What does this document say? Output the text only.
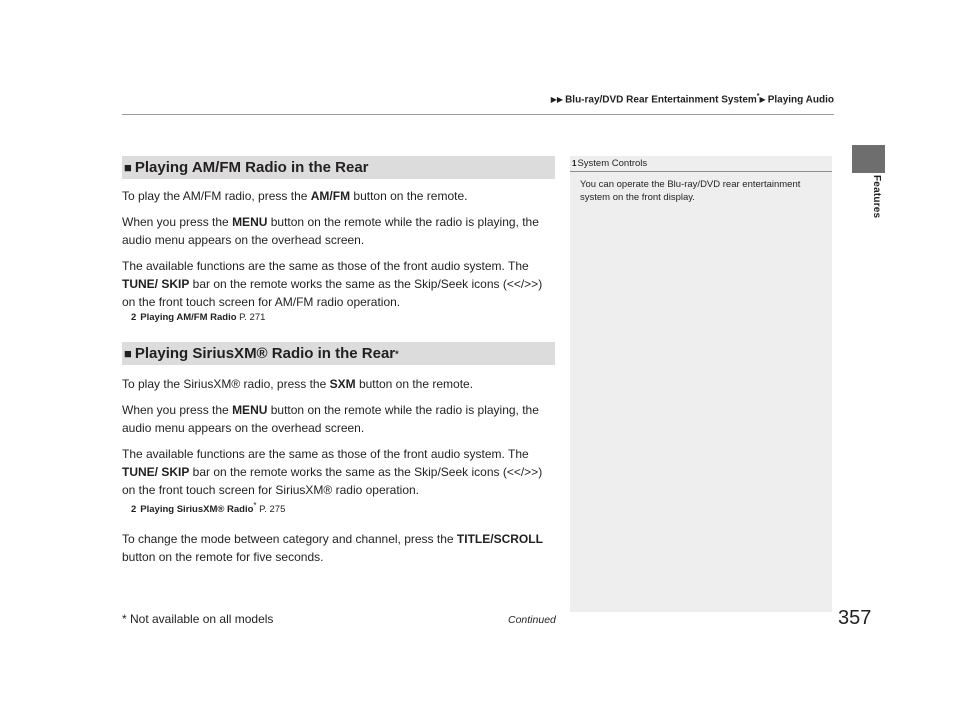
▶▶ Blu-ray/DVD Rear Entertainment System*▶ Playing Audio
Features
■ Playing AM/FM Radio in the Rear

To play the AM/FM radio, press the AM/FM button on the remote.

When you press the MENU button on the remote while the radio is playing, the audio menu appears on the overhead screen.

The available functions are the same as those of the front audio system. The TUNE/ SKIP bar on the remote works the same as the Skip/Seek icons (<</>>) on the front touch screen for AM/FM radio operation.

2 Playing AM/FM Radio P. 271

■ Playing SiriusXM® Radio in the Rear *

To play the SiriusXM® radio, press the SXM button on the remote.

When you press the MENU button on the remote while the radio is playing, the audio menu appears on the overhead screen.

The available functions are the same as those of the front audio system. The TUNE/ SKIP bar on the remote works the same as the Skip/Seek icons (<</>>) on the front touch screen for SiriusXM® radio operation.

2 Playing SiriusXM® Radio* P. 275

To change the mode between category and channel, press the TITLE/SCROLL button on the remote for five seconds.

1System Controls
You can operate the Blu-ray/DVD rear entertainment system on the front display.
* Not available on all models	Continued	357
